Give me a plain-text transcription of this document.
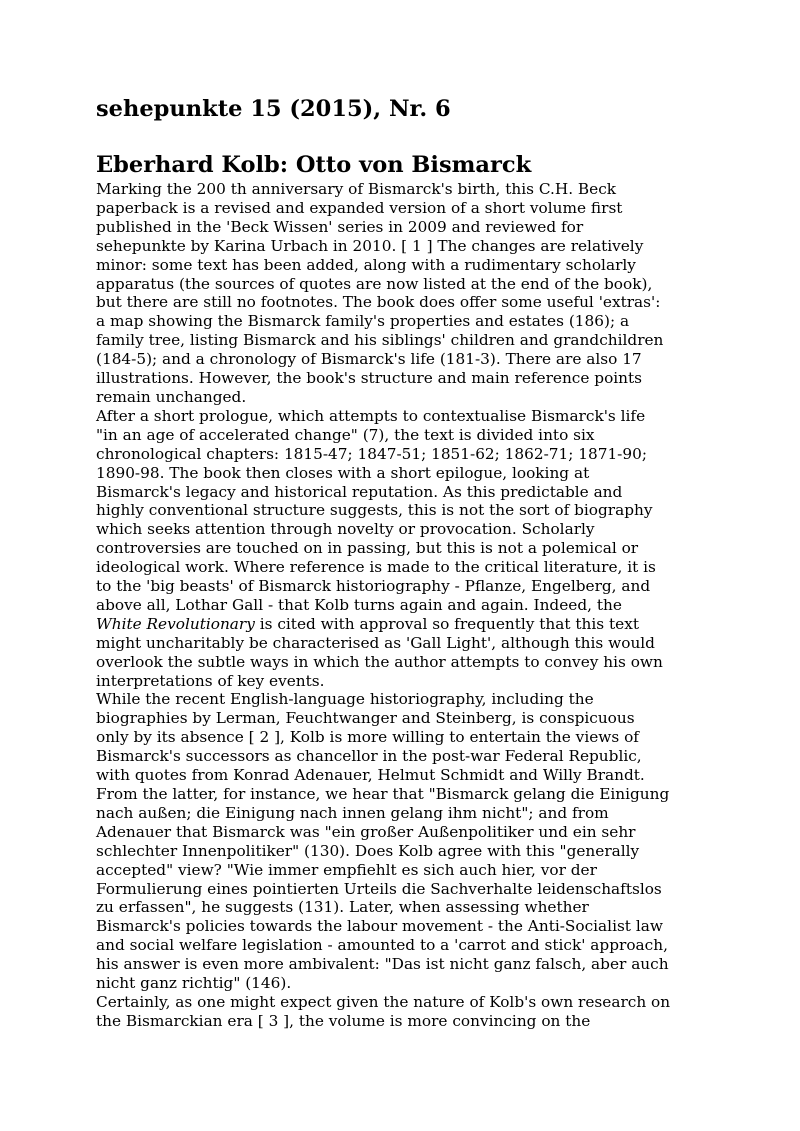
sehepunkte 15 (2015), Nr. 6
Eberhard Kolb: Otto von Bismarck
Marking the 200 th anniversary of Bismarck's birth, this C.H. Beck
paperback is a revised and expanded version of a short volume first
published in the 'Beck Wissen' series in 2009 and reviewed for
sehepunkte by Karina Urbach in 2010. [ 1 ] The changes are relatively
minor: some text has been added, along with a rudimentary scholarly
apparatus (the sources of quotes are now listed at the end of the book),
but there are still no footnotes. The book does offer some useful 'extras':
a map showing the Bismarck family's properties and estates (186); a
family tree, listing Bismarck and his siblings' children and grandchildren
(184-5); and a chronology of Bismarck's life (181-3). There are also 17
illustrations. However, the book's structure and main reference points
remain unchanged.
After a short prologue, which attempts to contextualise Bismarck's life
"in an age of accelerated change" (7), the text is divided into six
chronological chapters: 1815-47; 1847-51; 1851-62; 1862-71; 1871-90;
1890-98. The book then closes with a short epilogue, looking at
Bismarck's legacy and historical reputation. As this predictable and
highly conventional structure suggests, this is not the sort of biography
which seeks attention through novelty or provocation. Scholarly
controversies are touched on in passing, but this is not a polemical or
ideological work. Where reference is made to the critical literature, it is
to the 'big beasts' of Bismarck historiography - Pflanze, Engelberg, and
above all, Lothar Gall - that Kolb turns again and again. Indeed, the
White Revolutionary is cited with approval so frequently that this text
might uncharitably be characterised as 'Gall Light', although this would
overlook the subtle ways in which the author attempts to convey his own
interpretations of key events.
While the recent English-language historiography, including the
biographies by Lerman, Feuchtwanger and Steinberg, is conspicuous
only by its absence [ 2 ], Kolb is more willing to entertain the views of
Bismarck's successors as chancellor in the post-war Federal Republic,
with quotes from Konrad Adenauer, Helmut Schmidt and Willy Brandt.
From the latter, for instance, we hear that "Bismarck gelang die Einigung
nach außen; die Einigung nach innen gelang ihm nicht"; and from
Adenauer that Bismarck was "ein großer Außenpolitiker und ein sehr
schlechter Innenpolitiker" (130). Does Kolb agree with this "generally
accepted" view? "Wie immer empfiehlt es sich auch hier, vor der
Formulierung eines pointierten Urteils die Sachverhalte leidenschaftslos
zu erfassen", he suggests (131). Later, when assessing whether
Bismarck's policies towards the labour movement - the Anti-Socialist law
and social welfare legislation - amounted to a 'carrot and stick' approach,
his answer is even more ambivalent: "Das ist nicht ganz falsch, aber auch
nicht ganz richtig" (146).
Certainly, as one might expect given the nature of Kolb's own research on
the Bismarckian era [ 3 ], the volume is more convincing on the
